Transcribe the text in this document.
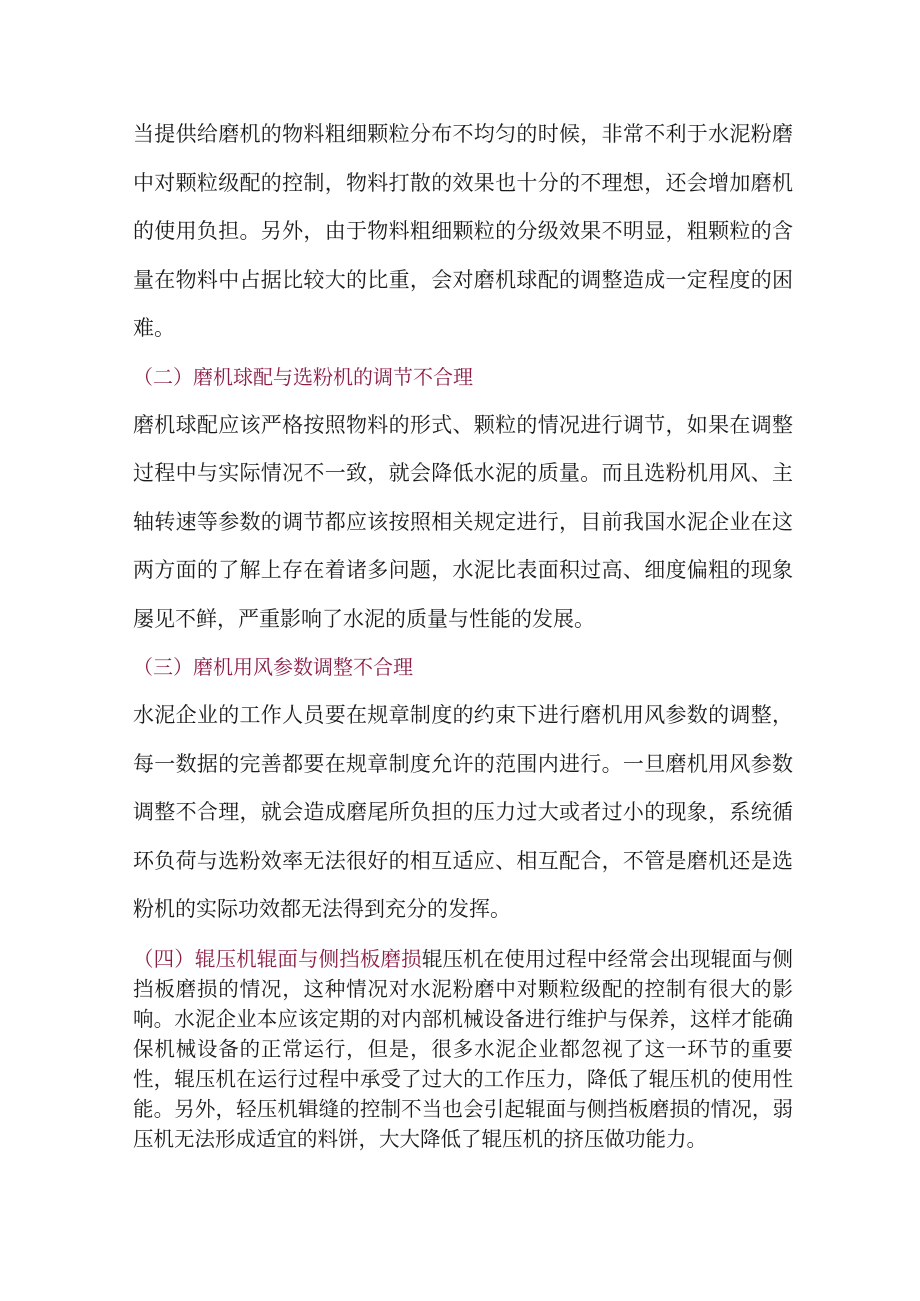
当提供给磨机的物料粗细颗粒分布不均匀的时候，非常不利于水泥粉磨中对颗粒级配的控制，物料打散的效果也十分的不理想，还会增加磨机的使用负担。另外，由于物料粗细颗粒的分级效果不明显，粗颗粒的含量在物料中占据比较大的比重，会对磨机球配的调整造成一定程度的困难。

（二）磨机球配与选粉机的调节不合理

磨机球配应该严格按照物料的形式、颗粒的情况进行调节，如果在调整过程中与实际情况不一致，就会降低水泥的质量。而且选粉机用风、主轴转速等参数的调节都应该按照相关规定进行，目前我国水泥企业在这两方面的了解上存在着诸多问题，水泥比表面积过高、细度偏粗的现象屡见不鲜，严重影响了水泥的质量与性能的发展。

（三）磨机用风参数调整不合理

水泥企业的工作人员要在规章制度的约束下进行磨机用风参数的调整，每一数据的完善都要在规章制度允许的范围内进行。一旦磨机用风参数调整不合理，就会造成磨尾所负担的压力过大或者过小的现象，系统循环负荷与选粉效率无法很好的相互适应、相互配合，不管是磨机还是选粉机的实际功效都无法得到充分的发挥。

（四）辊压机辊面与侧挡板磨损辊压机在使用过程中经常会出现辊面与侧挡板磨损的情况，这种情况对水泥粉磨中对颗粒级配的控制有很大的影响。水泥企业本应该定期的对内部机械设备进行维护与保养，这样才能确保机械设备的正常运行，但是，很多水泥企业都忽视了这一环节的重要性，辊压机在运行过程中承受了过大的工作压力，降低了辊压机的使用性能。另外，轻压机辑缝的控制不当也会引起辊面与侧挡板磨损的情况，弱压机无法形成适宜的料饼，大大降低了辊压机的挤压做功能力。
